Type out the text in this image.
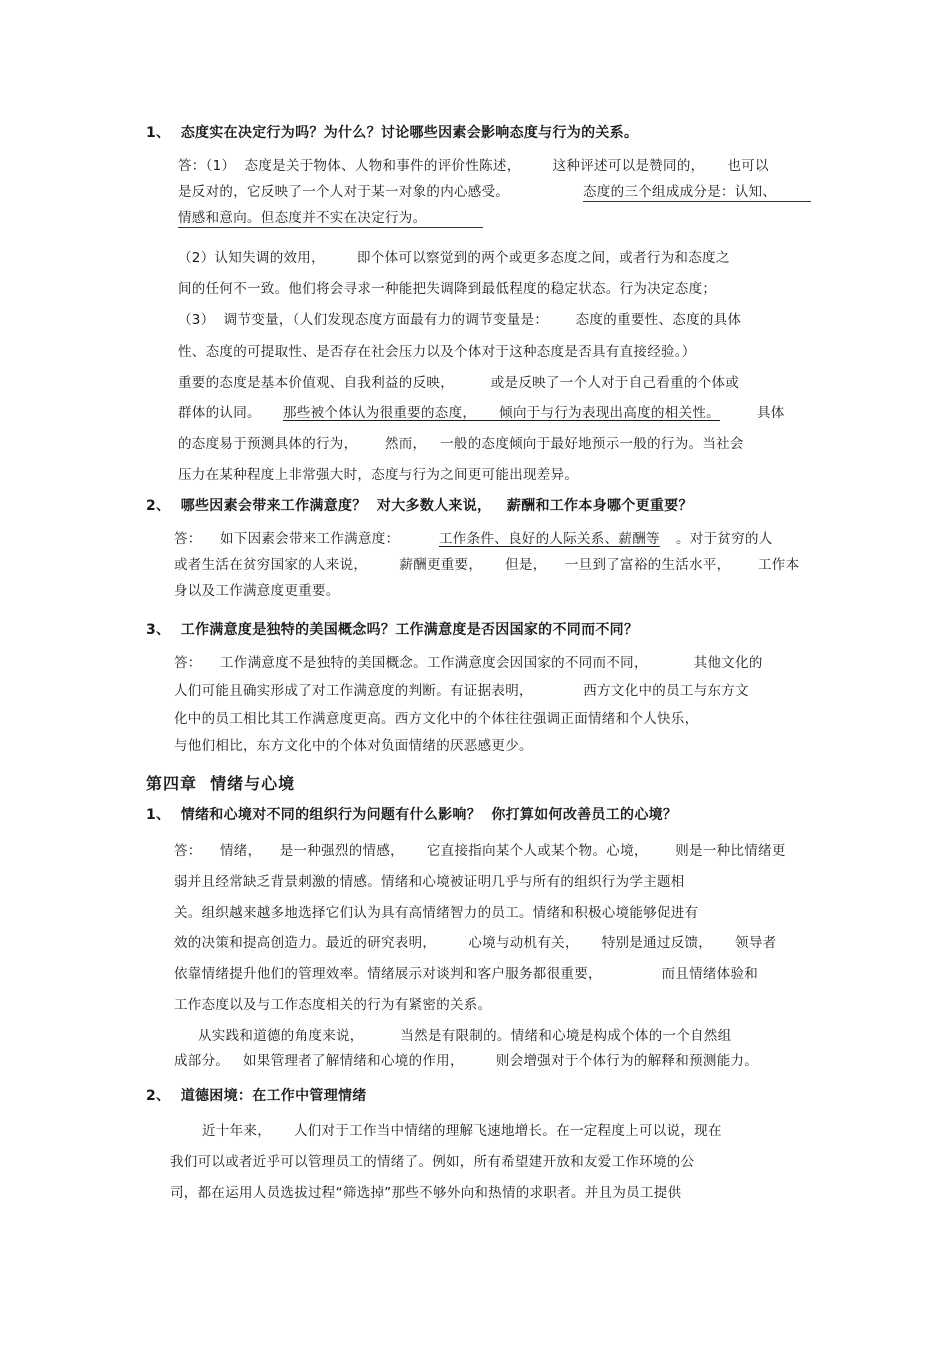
1、  态度实在决定行为吗？为什么？讨论哪些因素会影响态度与行为的关系。
答：（1）  态度是关于物体、人物和事件的评价性陈述，       这种评述可以是赞同的，     也可以
是反对的，它反映了一个人对于某一对象的内心感受。	态度的三个组成成分是：认知、
情感和意向。但态度并不实在决定行为。
（2）认知失调的效用，       即个体可以察觉到的两个或更多态度之间，或者行为和态度之
间的任何不一致。他们将会寻求一种能把失调降到最低程度的稳定状态。行为决定态度；
（3）  调节变量，（人们发现态度方面最有力的调节变量是：      态度的重要性、态度的具体
性、态度的可提取性、是否存在社会压力以及个体对于这种态度是否具有直接经验。）
重要的态度是基本价值观、自我利益的反映，        或是反映了一个人对于自己看重的个体或
群体的认同。 那些被个体认为很重要的态度，     倾向于与行为表现出高度的相关性。	具体
的态度易于预测具体的行为，      然而，   一般的态度倾向于最好地预示一般的行为。当社会
压力在某种程度上非常强大时，态度与行为之间更可能出现差异。
2、  哪些因素会带来工作满意度？  对大多数人来说，   薪酬和工作本身哪个更重要？
答：    如下因素会带来工作满意度：	工作条件、良好的人际关系、薪酬等 。对于贫穷的人
或者生活在贫穷国家的人来说，       薪酬更重要，     但是，    一旦到了富裕的生活水平，      工作本
身以及工作满意度更重要。
3、  工作满意度是独特的美国概念吗？工作满意度是否因国家的不同而不同？
答：    工作满意度不是独特的美国概念。工作满意度会因国家的不同而不同，          其他文化的
人们可能且确实形成了对工作满意度的判断。有证据表明，           西方文化中的员工与东方文
化中的员工相比其工作满意度更高。西方文化中的个体往往强调正面情绪和个人快乐，
与他们相比，东方文化中的个体对负面情绪的厌恶感更少。
第四章  情绪与心境
1、  情绪和心境对不同的组织行为问题有什么影响？  你打算如何改善员工的心境？
答：    情绪，    是一种强烈的情感，     它直接指向某个人或某个物。心境，      则是一种比情绪更
弱并且经常缺乏背景刺激的情感。情绪和心境被证明几乎与所有的组织行为学主题相
关。组织越来越多地选择它们认为具有高情绪智力的员工。情绪和积极心境能够促进有
效的决策和提高创造力。最近的研究表明，       心境与动机有关，     特别是通过反馈，     领导者
依靠情绪提升他们的管理效率。情绪展示对谈判和客户服务都很重要，             而且情绪体验和
工作态度以及与工作态度相关的行为有紧密的关系。
从实践和道德的角度来说，        当然是有限制的。情绪和心境是构成个体的一个自然组
成部分。   如果管理者了解情绪和心境的作用，       则会增强对于个体行为的解释和预测能力。
2、  道德困境：在工作中管理情绪
近十年来，     人们对于工作当中情绪的理解飞速地增长。在一定程度上可以说，现在
我们可以或者近乎可以管理员工的情绪了。例如，所有希望建开放和友爱工作环境的公
司，都在运用人员选拔过程“筛选掉”那些不够外向和热情的求职者。并且为员工提供
